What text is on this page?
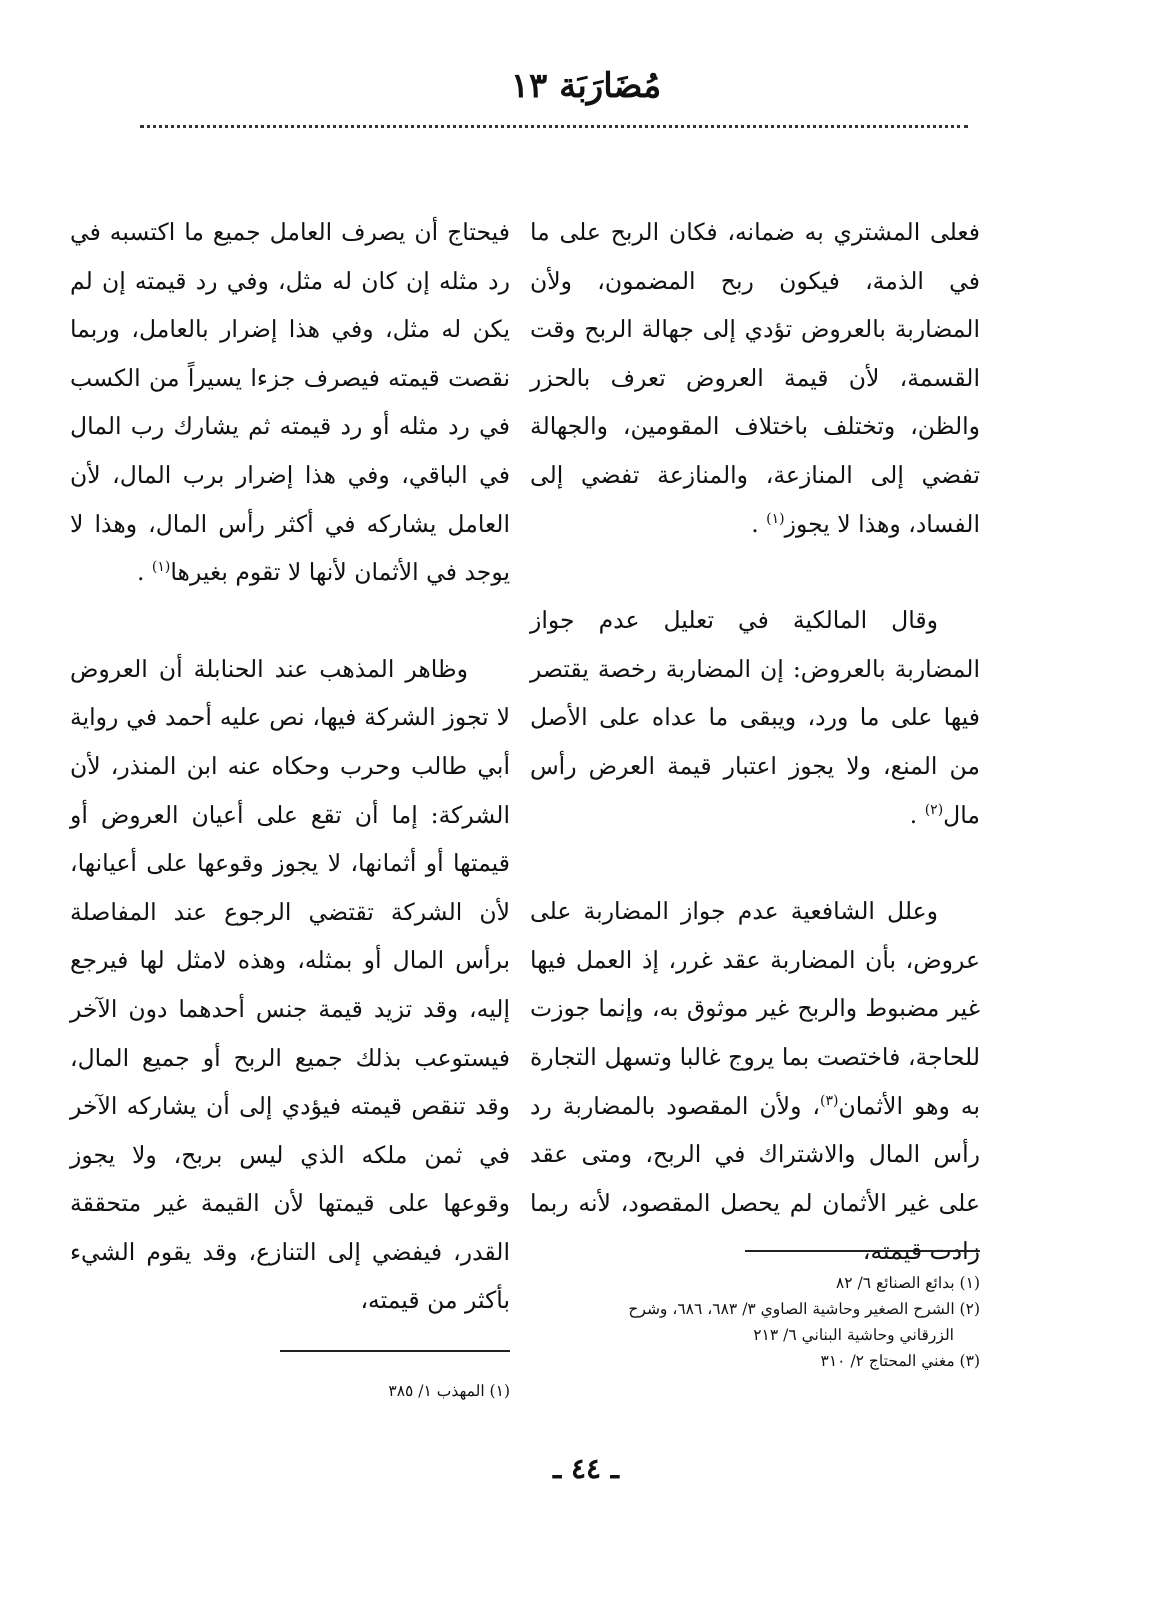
مُضَارَبَة ١٣

فعلى المشتري به ضمانه، فكان الربح على ما في الذمة، فيكون ربح المضمون، ولأن المضاربة بالعروض تؤدي إلى جهالة الربح وقت القسمة، لأن قيمة العروض تعرف بالحزر والظن، وتختلف باختلاف المقومين، والجهالة تفضي إلى المنازعة، والمنازعة تفضي إلى الفساد، وهذا لا يجوز$^{(١)}$ .

وقال المالكية في تعليل عدم جواز المضاربة بالعروض: إن المضاربة رخصة يقتصر فيها على ما ورد، ويبقى ما عداه على الأصل من المنع، ولا يجوز اعتبار قيمة العرض رأس مال$^{(٢)}$ .

وعلل الشافعية عدم جواز المضاربة على عروض، بأن المضاربة عقد غرر، إذ العمل فيها غير مضبوط والربح غير موثوق به، وإنما جوزت للحاجة، فاختصت بما يروج غالبا وتسهل التجارة به وهو الأثمان$^{(٣)}$، ولأن المقصود بالمضاربة رد رأس المال والاشتراك في الربح، ومتى عقد على غير الأثمان لم يحصل المقصود، لأنه ربما زادت قيمته،

فيحتاج أن يصرف العامل جميع ما اكتسبه في رد مثله إن كان له مثل، وفي رد قيمته إن لم يكن له مثل، وفي هذا إضرار بالعامل، وربما نقصت قيمته فيصرف جزءا يسيراً من الكسب في رد مثله أو رد قيمته ثم يشارك رب المال في الباقي، وفي هذا إضرار برب المال، لأن العامل يشاركه في أكثر رأس المال، وهذا لا يوجد في الأثمان لأنها لا تقوم بغيرها$^{(١)}$ .

وظاهر المذهب عند الحنابلة أن العروض لا تجوز الشركة فيها، نص عليه أحمد في رواية أبي طالب وحرب وحكاه عنه ابن المنذر، لأن الشركة: إما أن تقع على أعيان العروض أو قيمتها أو أثمانها، لا يجوز وقوعها على أعيانها، لأن الشركة تقتضي الرجوع عند المفاصلة برأس المال أو بمثله، وهذه لامثل لها فيرجع إليه، وقد تزيد قيمة جنس أحدهما دون الآخر فيستوعب بذلك جميع الربح أو جميع المال، وقد تنقص قيمته فيؤدي إلى أن يشاركه الآخر في ثمن ملكه الذي ليس بربح، ولا يجوز وقوعها على قيمتها لأن القيمة غير متحققة القدر، فيفضي إلى التنازع، وقد يقوم الشيء بأكثر من قيمته،

(١) بدائع الصنائع ٦/ ٨٢

(٢) الشرح الصغير وحاشية الصاوي ٣/ ٦٨٣، ٦٨٦، وشرح

الزرقاني وحاشية البناني ٦/ ٢١٣

(٣) مغني المحتاج ٢/ ٣١٠

(١) المهذب ١/ ٣٨٥

ـ ٤٤ ـ
